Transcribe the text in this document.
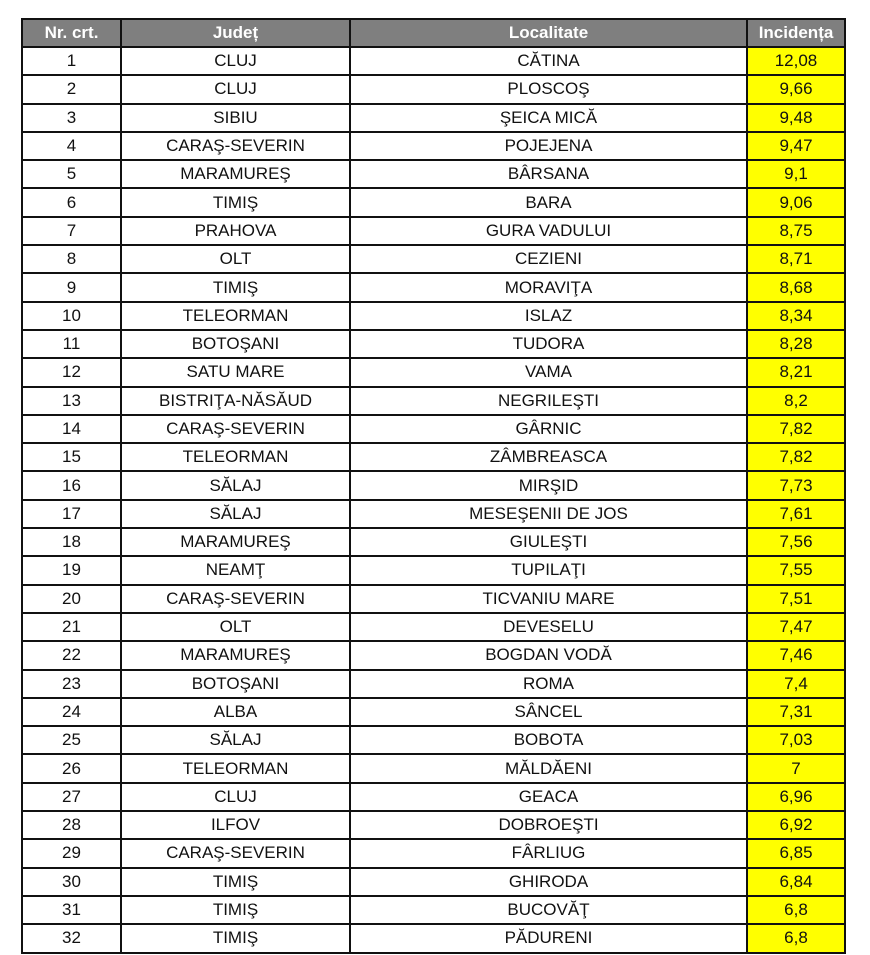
Nr. crt.	Județ	Localitate	Incidența
1	CLUJ	CĂTINA	12,08
2	CLUJ	PLOSCOŞ	9,66
3	SIBIU	ŞEICA MICĂ	9,48
4	CARAŞ-SEVERIN	POJEJENA	9,47
5	MARAMUREŞ	BÂRSANA	9,1
6	TIMIŞ	BARA	9,06
7	PRAHOVA	GURA VADULUI	8,75
8	OLT	CEZIENI	8,71
9	TIMIŞ	MORAVIŢA	8,68
10	TELEORMAN	ISLAZ	8,34
11	BOTOŞANI	TUDORA	8,28
12	SATU MARE	VAMA	8,21
13	BISTRIŢA-NĂSĂUD	NEGRILEŞTI	8,2
14	CARAŞ-SEVERIN	GÂRNIC	7,82
15	TELEORMAN	ZÂMBREASCA	7,82
16	SĂLAJ	MIRŞID	7,73
17	SĂLAJ	MESEŞENII DE JOS	7,61
18	MARAMUREŞ	GIULEŞTI	7,56
19	NEAMŢ	TUPILAŢI	7,55
20	CARAŞ-SEVERIN	TICVANIU MARE	7,51
21	OLT	DEVESELU	7,47
22	MARAMUREŞ	BOGDAN VODĂ	7,46
23	BOTOŞANI	ROMA	7,4
24	ALBA	SÂNCEL	7,31
25	SĂLAJ	BOBOTA	7,03
26	TELEORMAN	MĂLDĂENI	7
27	CLUJ	GEACA	6,96
28	ILFOV	DOBROEŞTI	6,92
29	CARAŞ-SEVERIN	FÂRLIUG	6,85
30	TIMIŞ	GHIRODA	6,84
31	TIMIŞ	BUCOVĂŢ	6,8
32	TIMIŞ	PĂDURENI	6,8
